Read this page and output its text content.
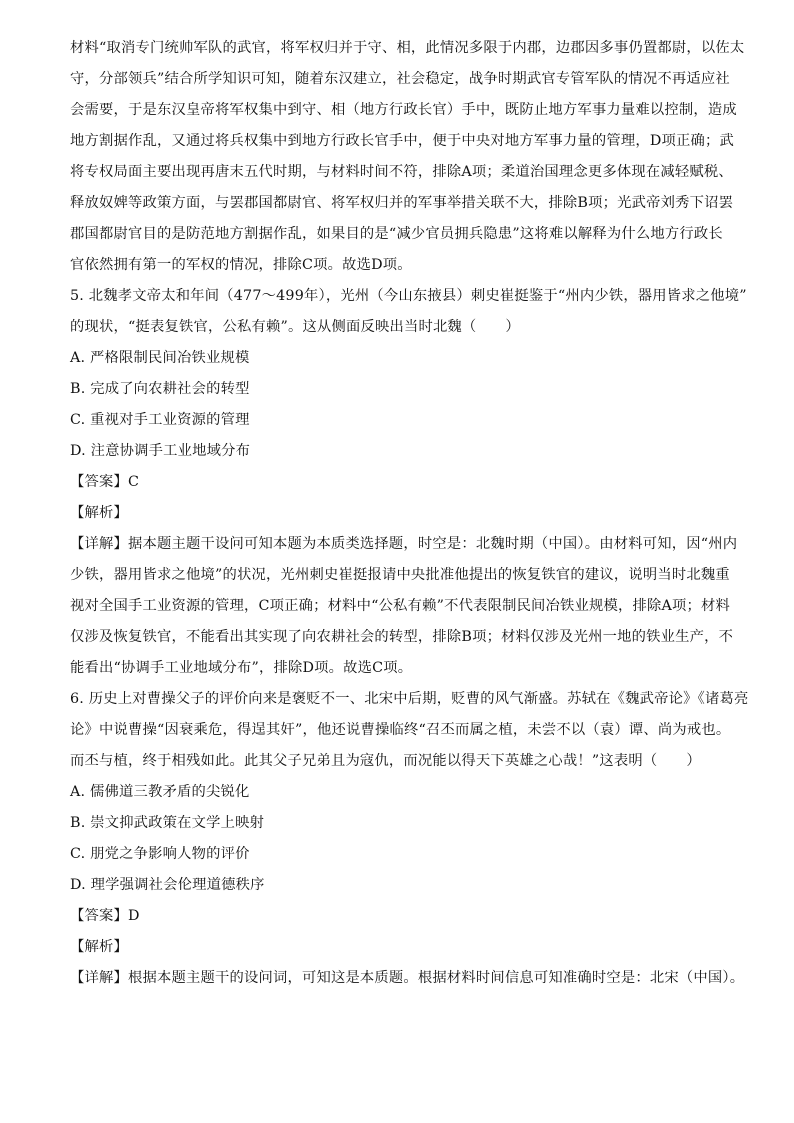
材料“取消专门统帅军队的武官，将军权归并于守、相，此情况多限于内郡，边郡因多事仍置都尉，以佐太
守，分部领兵”结合所学知识可知，随着东汉建立，社会稳定，战争时期武官专管军队的情况不再适应社
会需要，于是东汉皇帝将军权集中到守、相（地方行政长官）手中，既防止地方军事力量难以控制，造成
地方割据作乱，又通过将兵权集中到地方行政长官手中，便于中央对地方军事力量的管理，D项正确；武
将专权局面主要出现再唐末五代时期，与材料时间不符，排除A项；柔道治国理念更多体现在减轻赋税、
释放奴婢等政策方面，与罢郡国都尉官、将军权归并的军事举措关联不大，排除B项；光武帝刘秀下诏罢
郡国都尉官目的是防范地方割据作乱，如果目的是“减少官员拥兵隐患”这将难以解释为什么地方行政长
官依然拥有第一的军权的情况，排除C项。故选D项。
5. 北魏孝文帝太和年间（477～499年），光州（今山东掖县）刺史崔挺鉴于“州内少铁，器用皆求之他境”
的现状，“挺表复铁官，公私有赖”。这从侧面反映出当时北魏（　　）
A. 严格限制民间冶铁业规模
B. 完成了向农耕社会的转型
C. 重视对手工业资源的管理
D. 注意协调手工业地域分布
【答案】C
【解析】
【详解】据本题主题干设问可知本题为本质类选择题，时空是：北魏时期（中国）。由材料可知，因“州内
少铁，器用皆求之他境”的状况，光州刺史崔挺报请中央批准他提出的恢复铁官的建议，说明当时北魏重
视对全国手工业资源的管理，C项正确；材料中“公私有赖”不代表限制民间冶铁业规模，排除A项；材料
仅涉及恢复铁官，不能看出其实现了向农耕社会的转型，排除B项；材料仅涉及光州一地的铁业生产，不
能看出“协调手工业地域分布”，排除D项。故选C项。
6. 历史上对曹操父子的评价向来是褒贬不一、北宋中后期，贬曹的风气渐盛。苏轼在《魏武帝论》《诸葛亮
论》中说曹操“因衰乘危，得逞其奸”，他还说曹操临终“召丕而属之植，未尝不以（袁）谭、尚为戒也。
而丕与植，终于相残如此。此其父子兄弟且为寇仇，而况能以得天下英雄之心哉！”这表明（　　）
A. 儒佛道三教矛盾的尖锐化
B. 崇文抑武政策在文学上映射
C. 朋党之争影响人物的评价
D. 理学强调社会伦理道德秩序
【答案】D
【解析】
【详解】根据本题主题干的设问词，可知这是本质题。根据材料时间信息可知准确时空是：北宋（中国）。
